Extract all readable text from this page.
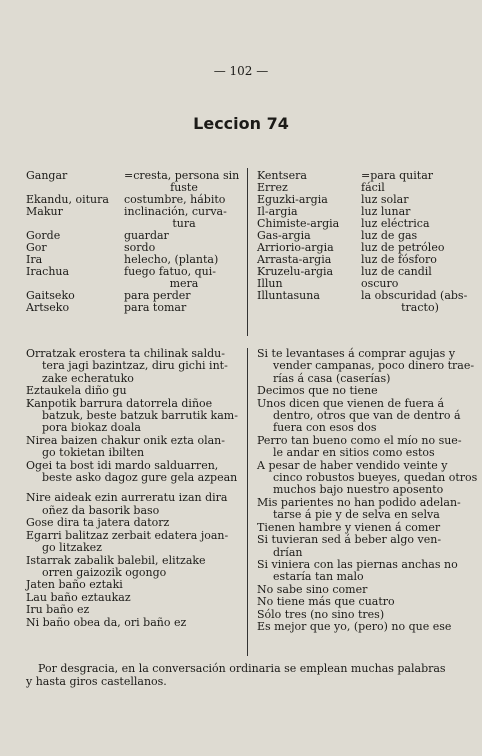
— 102 —
Leccion 74
Gangar	=cresta, persona sin
fuste
Ekandu, oitura	costumbre, hábito
Makur	inclinación, curva-
tura
Gorde	guardar
Gor	sordo
Ira	helecho, (planta)
Irachua	fuego fatuo, qui-
mera
Gaitseko	para perder
Artseko	para tomar
Kentsera	=para quitar
Errez	fácil
Eguzki-argia	luz solar
Il-argia	luz lunar
Chimiste-argia	luz eléctrica
Gas-argia	luz de gas
Arriorio-argia	luz de petróleo
Arrasta-argia	luz de fósforo
Kruzelu-argia	luz de candil
Illun	oscuro
Illuntasuna	la obscuridad (abs-
tracto)
Orratzak erostera ta chilinak saldu-
tera jagi bazintzaz, diru gichi int-
zake echeratuko
Eztaukela diño gu
Kanpotik barrura datorrela diñoe
batzuk, beste batzuk barrutik kam-
pora biokaz doala
Nirea baizen chakur onik ezta olan-
go tokietan ibilten
Ogei ta bost idi mardo salduarren,
beste asko dagoz gure gela azpean
Nire aideak ezin aurreratu izan dira
oñez da basorik baso
Gose dira ta jatera datorz
Egarri balitzaz zerbait edatera joan-
go litzakez
Istarrak zabalik balebil, elitzake
orren gaizozik ogongo
Jaten baño eztaki
Lau baño eztaukaz
Iru baño ez
Ni baño obea da, ori baño ez
Si te levantases á comprar agujas y
vender campanas, poco dinero trae-
rías á casa (caserías)
Decimos que no tiene
Unos dicen que vienen de fuera á
dentro, otros que van de dentro á
fuera con esos dos
Perro tan bueno como el mío no sue-
le andar en sitios como estos
A pesar de haber vendido veinte y
cinco robustos bueyes, quedan otros
muchos bajo nuestro aposento
Mis parientes no han podido adelan-
tarse á pie y de selva en selva
Tienen hambre y vienen á comer
Si tuvieran sed á beber algo ven-
drían
Si viniera con las piernas anchas no
estaría tan malo
No sabe sino comer
No tiene más que cuatro
Sólo tres (no sino tres)
Es mejor que yo, (pero) no que ese
Por desgracia, en la conversación ordinaria se emplean muchas palabras
y hasta giros castellanos.
